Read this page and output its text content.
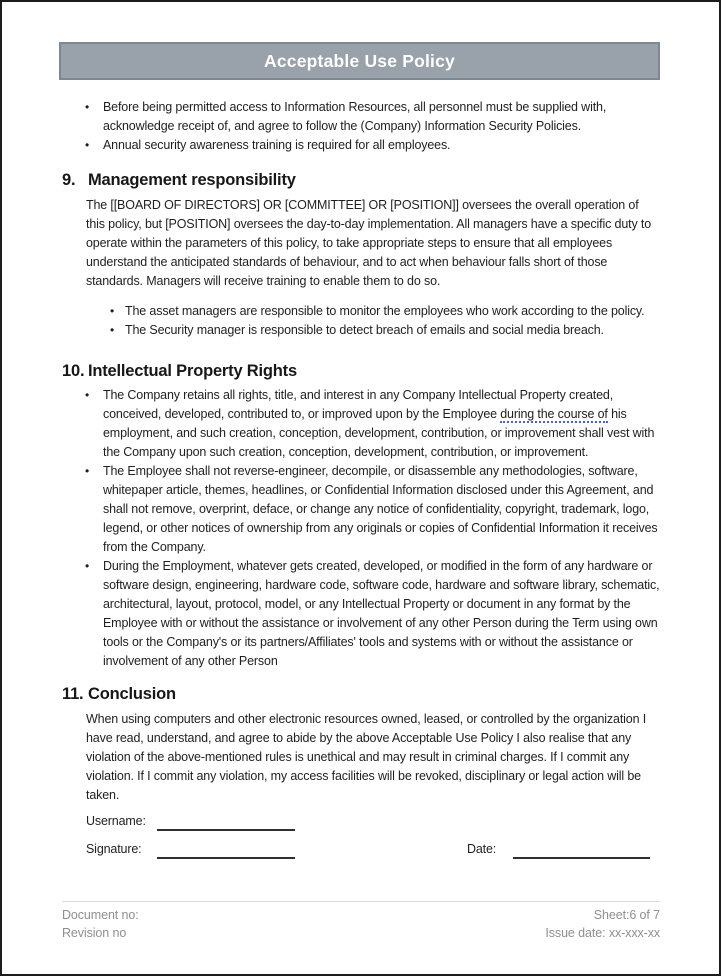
Acceptable Use Policy
•	Before being permitted access to Information Resources, all personnel must be supplied with, acknowledge receipt of, and agree to follow the (Company) Information Security Policies.
•	Annual security awareness training is required for all employees.
9. Management responsibility

The [[BOARD OF DIRECTORS] OR [COMMITTEE] OR [POSITION]] oversees the overall operation of this policy, but [POSITION] oversees the day-to-day implementation. All managers have a specific duty to operate within the parameters of this policy, to take appropriate steps to ensure that all employees understand the anticipated standards of behaviour, and to act when behaviour falls short of those standards. Managers will receive training to enable them to do so.

• The asset managers are responsible to monitor the employees who work according to the policy.
• The Security manager is responsible to detect breach of emails and social media breach.
10. Intellectual Property Rights
•	The Company retains all rights, title, and interest in any Company Intellectual Property created, conceived, developed, contributed to, or improved upon by the Employee during the course of his employment, and such creation, conception, development, contribution, or improvement shall vest with the Company upon such creation, conception, development, contribution, or improvement.
•	The Employee shall not reverse-engineer, decompile, or disassemble any methodologies, software, whitepaper article, themes, headlines, or Confidential Information disclosed under this Agreement, and shall not remove, overprint, deface, or change any notice of confidentiality, copyright, trademark, logo, legend, or other notices of ownership from any originals or copies of Confidential Information it receives from the Company.
•	During the Employment, whatever gets created, developed, or modified in the form of any hardware or software design, engineering, hardware code, software code, hardware and software library, schematic, architectural, layout, protocol, model, or any Intellectual Property or document in any format by the Employee with or without the assistance or involvement of any other Person during the Term using own tools or the Company's or its partners/Affiliates' tools and systems with or without the assistance or involvement of any other Person
11. Conclusion

When using computers and other electronic resources owned, leased, or controlled by the organization I have read, understand, and agree to abide by the above Acceptable Use Policy I also realise that any violation of the above-mentioned rules is unethical and may result in criminal charges. If I commit any violation. If I commit any violation, my access facilities will be revoked, disciplinary or legal action will be taken.

Username:
Signature:	Date:
Document no:
Revision no
Sheet:6 of 7
Issue date: xx-xxx-xx
